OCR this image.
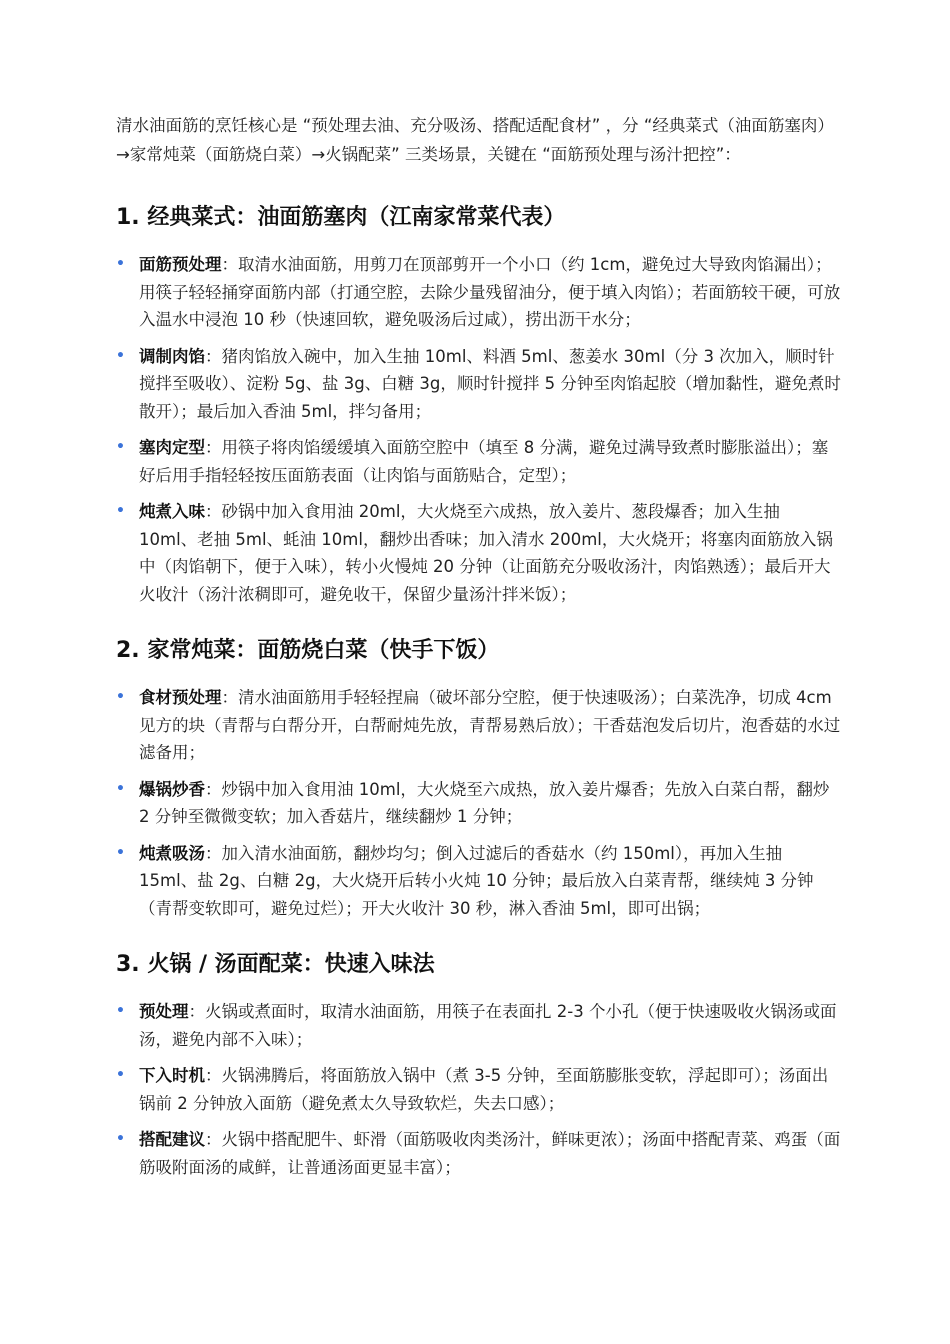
清水油面筋的烹饪核心是 “预处理去油、充分吸汤、搭配适配食材” ，分 “经典菜式（油面筋塞肉）→家常炖菜（面筋烧白菜）→火锅配菜” 三类场景，关键在 “面筋预处理与汤汁把控”：

1. 经典菜式：油面筋塞肉（江南家常菜代表）
• 面筋预处理：取清水油面筋，用剪刀在顶部剪开一个小口（约 1cm，避免过大导致肉馅漏出）；用筷子轻轻捅穿面筋内部（打通空腔，去除少量残留油分，便于填入肉馅）；若面筋较干硬，可放入温水中浸泡 10 秒（快速回软，避免吸汤后过咸），捞出沥干水分；
• 调制肉馅：猪肉馅放入碗中，加入生抽 10ml、料酒 5ml、葱姜水 30ml（分 3 次加入，顺时针搅拌至吸收）、淀粉 5g、盐 3g、白糖 3g，顺时针搅拌 5 分钟至肉馅起胶（增加黏性，避免煮时散开）；最后加入香油 5ml，拌匀备用；
• 塞肉定型：用筷子将肉馅缓缓填入面筋空腔中（填至 8 分满，避免过满导致煮时膨胀溢出）；塞好后用手指轻轻按压面筋表面（让肉馅与面筋贴合，定型）；
• 炖煮入味：砂锅中加入食用油 20ml，大火烧至六成热，放入姜片、葱段爆香；加入生抽 10ml、老抽 5ml、蚝油 10ml，翻炒出香味；加入清水 200ml，大火烧开；将塞肉面筋放入锅中（肉馅朝下，便于入味），转小火慢炖 20 分钟（让面筋充分吸收汤汁，肉馅熟透）；最后开大火收汁（汤汁浓稠即可，避免收干，保留少量汤汁拌米饭）；
2. 家常炖菜：面筋烧白菜（快手下饭）
• 食材预处理：清水油面筋用手轻轻捏扁（破坏部分空腔，便于快速吸汤）；白菜洗净，切成 4cm 见方的块（青帮与白帮分开，白帮耐炖先放，青帮易熟后放）；干香菇泡发后切片，泡香菇的水过滤备用；
• 爆锅炒香：炒锅中加入食用油 10ml，大火烧至六成热，放入姜片爆香；先放入白菜白帮，翻炒 2 分钟至微微变软；加入香菇片，继续翻炒 1 分钟；
• 炖煮吸汤：加入清水油面筋，翻炒均匀；倒入过滤后的香菇水（约 150ml），再加入生抽 15ml、盐 2g、白糖 2g，大火烧开后转小火炖 10 分钟；最后放入白菜青帮，继续炖 3 分钟（青帮变软即可，避免过烂）；开大火收汁 30 秒，淋入香油 5ml，即可出锅；
3. 火锅 / 汤面配菜：快速入味法
• 预处理：火锅或煮面时，取清水油面筋，用筷子在表面扎 2-3 个小孔（便于快速吸收火锅汤或面汤，避免内部不入味）；
• 下入时机：火锅沸腾后，将面筋放入锅中（煮 3-5 分钟，至面筋膨胀变软，浮起即可）；汤面出锅前 2 分钟放入面筋（避免煮太久导致软烂，失去口感）；
• 搭配建议：火锅中搭配肥牛、虾滑（面筋吸收肉类汤汁，鲜味更浓）；汤面中搭配青菜、鸡蛋（面筋吸附面汤的咸鲜，让普通汤面更显丰富）；
